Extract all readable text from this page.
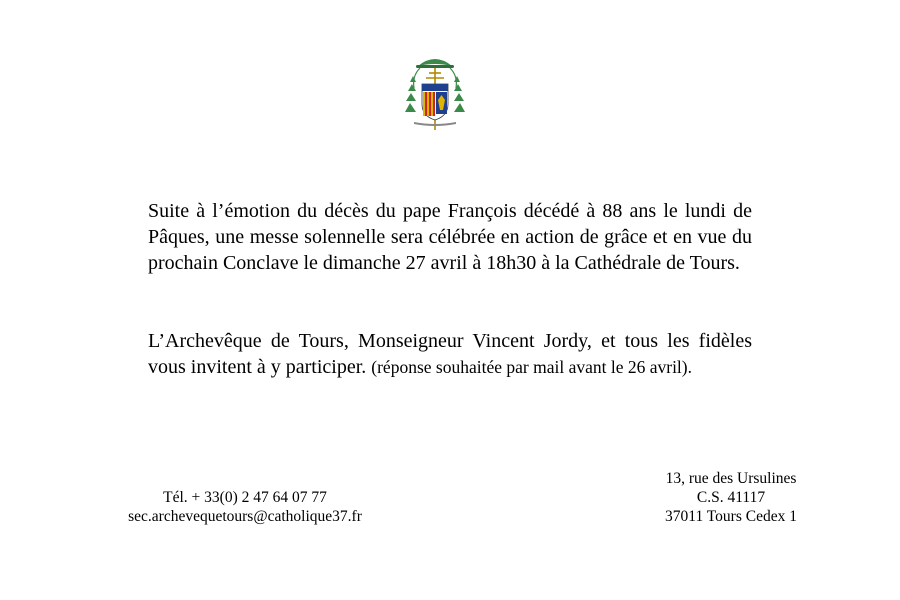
Suite à l’émotion du décès du pape François décédé à 88 ans le lundi de Pâques, une messe solennelle sera célébrée en action de grâce et en vue du prochain Conclave le dimanche 27 avril à 18h30 à la Cathédrale de Tours.

L’Archevêque de Tours, Monseigneur Vincent Jordy, et tous les fidèles vous invitent à y participer. (réponse souhaitée par mail avant le 26 avril).

Tél. + 33(0) 2 47 64 07 77
sec.archevequetours@catholique37.fr
13, rue des Ursulines
C.S. 41117
37011 Tours Cedex 1
